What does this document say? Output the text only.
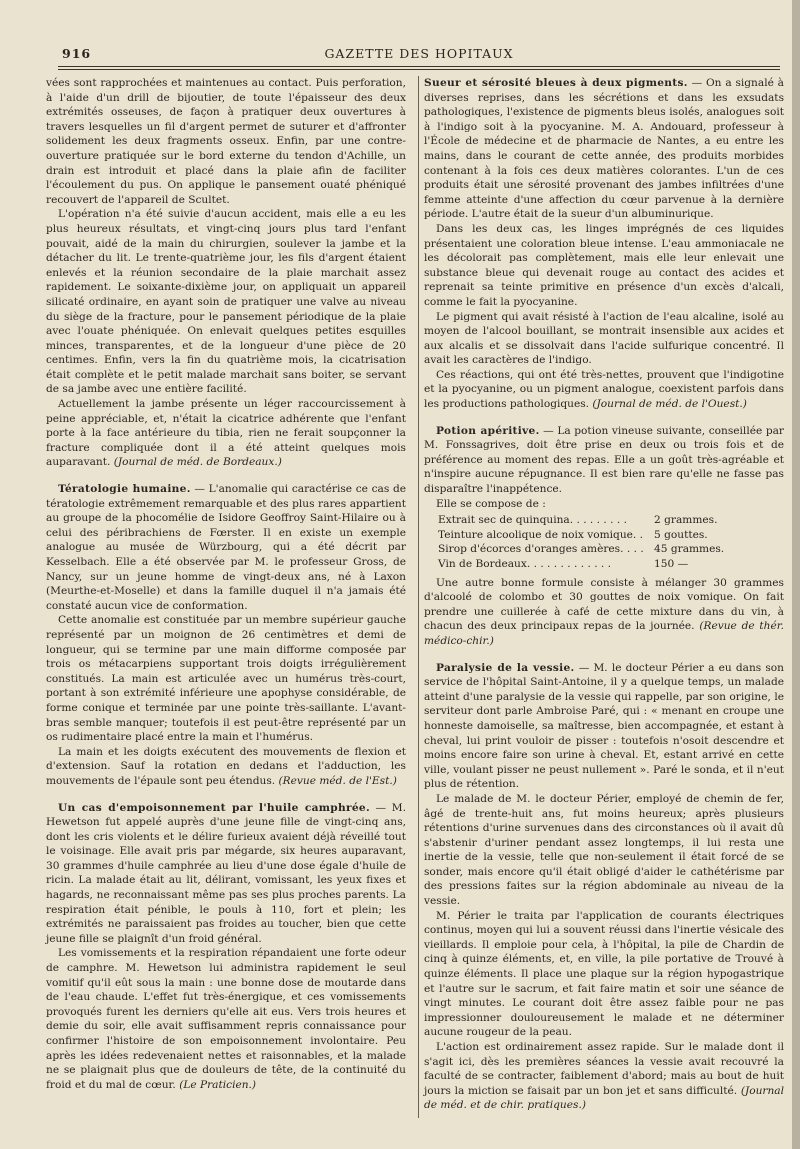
916	GAZETTE DES HOPITAUX

vées sont rapprochées et maintenues au contact. Puis perforation, à l'aide d'un drill de bijoutier, de toute l'épaisseur des deux extrémités osseuses, de façon à pratiquer deux ouvertures à travers lesquelles un fil d'argent permet de suturer et d'affronter solidement les deux fragments osseux. Enfin, par une contre-ouverture pratiquée sur le bord externe du tendon d'Achille, un drain est introduit et placé dans la plaie afin de faciliter l'écoulement du pus. On applique le pansement ouaté phéniqué recouvert de l'appareil de Scultet.

L'opération n'a été suivie d'aucun accident, mais elle a eu les plus heureux résultats, et vingt-cinq jours plus tard l'enfant pouvait, aidé de la main du chirurgien, soulever la jambe et la détacher du lit. Le trente-quatrième jour, les fils d'argent étaient enlevés et la réunion secondaire de la plaie marchait assez rapidement. Le soixante-dixième jour, on appliquait un appareil silicaté ordinaire, en ayant soin de pratiquer une valve au niveau du siège de la fracture, pour le pansement périodique de la plaie avec l'ouate phéniquée. On enlevait quelques petites esquilles minces, transparentes, et de la longueur d'une pièce de 20 centimes. Enfin, vers la fin du quatrième mois, la cicatrisation était complète et le petit malade marchait sans boiter, se servant de sa jambe avec une entière facilité.

Actuellement la jambe présente un léger raccourcissement à peine appréciable, et, n'était la cicatrice adhérente que l'enfant porte à la face antérieure du tibia, rien ne ferait soupçonner la fracture compliquée dont il a été atteint quelques mois auparavant. (Journal de méd. de Bordeaux.)

Tératologie humaine. — L'anomalie qui caractérise ce cas de tératologie extrêmement remarquable et des plus rares appartient au groupe de la phocomélie de Isidore Geoffroy Saint-Hilaire ou à celui des péribrachiens de Fœrster. Il en existe un exemple analogue au musée de Würzbourg, qui a été décrit par Kesselbach. Elle a été observée par M. le professeur Gross, de Nancy, sur un jeune homme de vingt-deux ans, né à Laxon (Meurthe-et-Moselle) et dans la famille duquel il n'a jamais été constaté aucun vice de conformation.

Cette anomalie est constituée par un membre supérieur gauche représenté par un moignon de 26 centimètres et demi de longueur, qui se termine par une main difforme composée par trois os métacarpiens supportant trois doigts irrégulièrement constitués. La main est articulée avec un humérus très-court, portant à son extrémité inférieure une apophyse considérable, de forme conique et terminée par une pointe très-saillante. L'avant-bras semble manquer; toutefois il est peut-être représenté par un os rudimentaire placé entre la main et l'humérus.

La main et les doigts exécutent des mouvements de flexion et d'extension. Sauf la rotation en dedans et l'adduction, les mouvements de l'épaule sont peu étendus. (Revue méd. de l'Est.)

Un cas d'empoisonnement par l'huile camphrée. — M. Hewetson fut appelé auprès d'une jeune fille de vingt-cinq ans, dont les cris violents et le délire furieux avaient déjà réveillé tout le voisinage. Elle avait pris par mégarde, six heures auparavant, 30 grammes d'huile camphrée au lieu d'une dose égale d'huile de ricin. La malade était au lit, délirant, vomissant, les yeux fixes et hagards, ne reconnaissant même pas ses plus proches parents. La respiration était pénible, le pouls à 110, fort et plein; les extrémités ne paraissaient pas froides au toucher, bien que cette jeune fille se plaignît d'un froid général.

Les vomissements et la respiration répandaient une forte odeur de camphre. M. Hewetson lui administra rapidement le seul vomitif qu'il eût sous la main : une bonne dose de moutarde dans de l'eau chaude. L'effet fut très-énergique, et ces vomissements provoqués furent les derniers qu'elle ait eus. Vers trois heures et demie du soir, elle avait suffisamment repris connaissance pour confirmer l'histoire de son empoisonnement involontaire. Peu après les idées redevenaient nettes et raisonnables, et la malade ne se plaignait plus que de douleurs de tête, de la continuité du froid et du mal de cœur. (Le Praticien.)

Sueur et sérosité bleues à deux pigments. — On a signalé à diverses reprises, dans les sécrétions et dans les exsudats pathologiques, l'existence de pigments bleus isolés, analogues soit à l'indigo soit à la pyocyanine. M. A. Andouard, professeur à l'École de médecine et de pharmacie de Nantes, a eu entre les mains, dans le courant de cette année, des produits morbides contenant à la fois ces deux matières colorantes. L'un de ces produits était une sérosité provenant des jambes infiltrées d'une femme atteinte d'une affection du cœur parvenue à la dernière période. L'autre était de la sueur d'un albuminurique.

Dans les deux cas, les linges imprégnés de ces liquides présentaient une coloration bleue intense. L'eau ammoniacale ne les décolorait pas complètement, mais elle leur enlevait une substance bleue qui devenait rouge au contact des acides et reprenait sa teinte primitive en présence d'un excès d'alcali, comme le fait la pyocyanine.

Le pigment qui avait résisté à l'action de l'eau alcaline, isolé au moyen de l'alcool bouillant, se montrait insensible aux acides et aux alcalis et se dissolvait dans l'acide sulfurique concentré. Il avait les caractères de l'indigo.

Ces réactions, qui ont été très-nettes, prouvent que l'indigotine et la pyocyanine, ou un pigment analogue, coexistent parfois dans les productions pathologiques. (Journal de méd. de l'Ouest.)

Potion apéritive. — La potion vineuse suivante, conseillée par M. Fonssagrives, doit être prise en deux ou trois fois et de préférence au moment des repas. Elle a un goût très-agréable et n'inspire aucune répugnance. Il est bien rare qu'elle ne fasse pas disparaître l'inappétence.

Elle se compose de :

Extrait sec de quinquina. . . . . . . . .	2 grammes.
Teinture alcoolique de noix vomique. . 5 gouttes.
Sirop d'écorces d'oranges amères. . . . 45 grammes.
Vin de Bordeaux. . . . . . . . . . . . .	150 —

Une autre bonne formule consiste à mélanger 30 grammes d'alcoolé de colombo et 30 gouttes de noix vomique. On fait prendre une cuillerée à café de cette mixture dans du vin, à chacun des deux principaux repas de la journée. (Revue de thér. médico-chir.)

Paralysie de la vessie. — M. le docteur Périer a eu dans son service de l'hôpital Saint-Antoine, il y a quelque temps, un malade atteint d'une paralysie de la vessie qui rappelle, par son origine, le serviteur dont parle Ambroise Paré, qui : « menant en croupe une honneste damoiselle, sa maîtresse, bien accompagnée, et estant à cheval, lui print vouloir de pisser : toutefois n'osoit descendre et moins encore faire son urine à cheval. Et, estant arrivé en cette ville, voulant pisser ne peust nullement ». Paré le sonda, et il n'eut plus de rétention.

Le malade de M. le docteur Périer, employé de chemin de fer, âgé de trente-huit ans, fut moins heureux; après plusieurs rétentions d'urine survenues dans des circonstances où il avait dû s'abstenir d'uriner pendant assez longtemps, il lui resta une inertie de la vessie, telle que non-seulement il était forcé de se sonder, mais encore qu'il était obligé d'aider le cathétérisme par des pressions faites sur la région abdominale au niveau de la vessie.

M. Périer le traita par l'application de courants électriques continus, moyen qui lui a souvent réussi dans l'inertie vésicale des vieillards. Il emploie pour cela, à l'hôpital, la pile de Chardin de cinq à quinze éléments, et, en ville, la pile portative de Trouvé à quinze éléments. Il place une plaque sur la région hypogastrique et l'autre sur le sacrum, et fait faire matin et soir une séance de vingt minutes. Le courant doit être assez faible pour ne pas impressionner douloureusement le malade et ne déterminer aucune rougeur de la peau.

L'action est ordinairement assez rapide. Sur le malade dont il s'agit ici, dès les premières séances la vessie avait recouvré la faculté de se contracter, faiblement d'abord; mais au bout de huit jours la miction se faisait par un bon jet et sans difficulté. (Journal de méd. et de chir. pratiques.)
